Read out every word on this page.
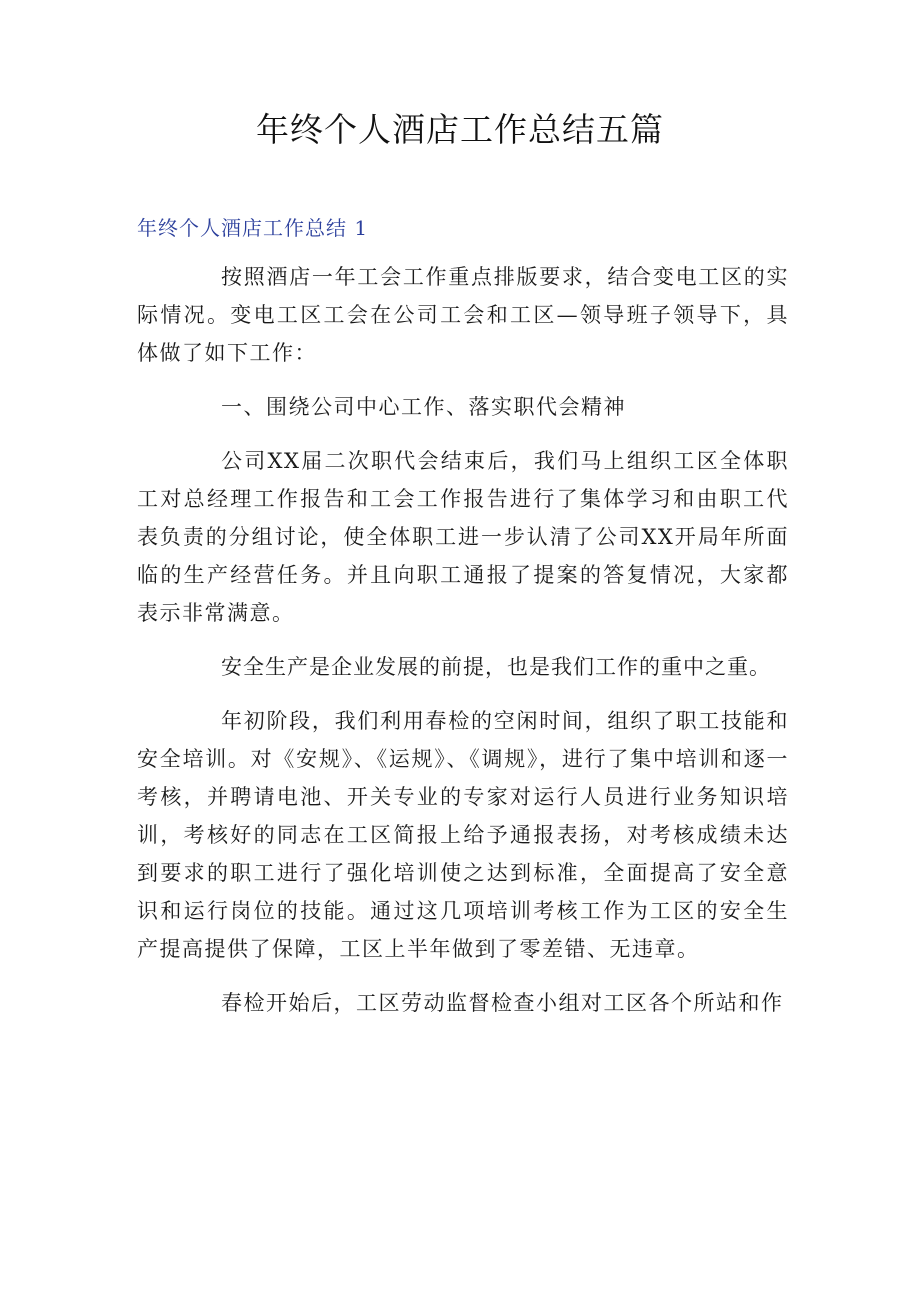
年终个人酒店工作总结五篇
年终个人酒店工作总结 1

按照酒店一年工会工作重点排版要求，结合变电工区的实际情况。变电工区工会在公司工会和工区—领导班子领导下，具体做了如下工作：

一、围绕公司中心工作、落实职代会精神

公司XX届二次职代会结束后，我们马上组织工区全体职工对总经理工作报告和工会工作报告进行了集体学习和由职工代表负责的分组讨论，使全体职工进一步认清了公司XX开局年所面临的生产经营任务。并且向职工通报了提案的答复情况，大家都表示非常满意。

安全生产是企业发展的前提，也是我们工作的重中之重。

年初阶段，我们利用春检的空闲时间，组织了职工技能和安全培训。对《安规》、《运规》、《调规》，进行了集中培训和逐一考核，并聘请电池、开关专业的专家对运行人员进行业务知识培训，考核好的同志在工区简报上给予通报表扬，对考核成绩未达到要求的职工进行了强化培训使之达到标准，全面提高了安全意识和运行岗位的技能。通过这几项培训考核工作为工区的安全生产提高提供了保障，工区上半年做到了零差错、无违章。

春检开始后，工区劳动监督检查小组对工区各个所站和作
